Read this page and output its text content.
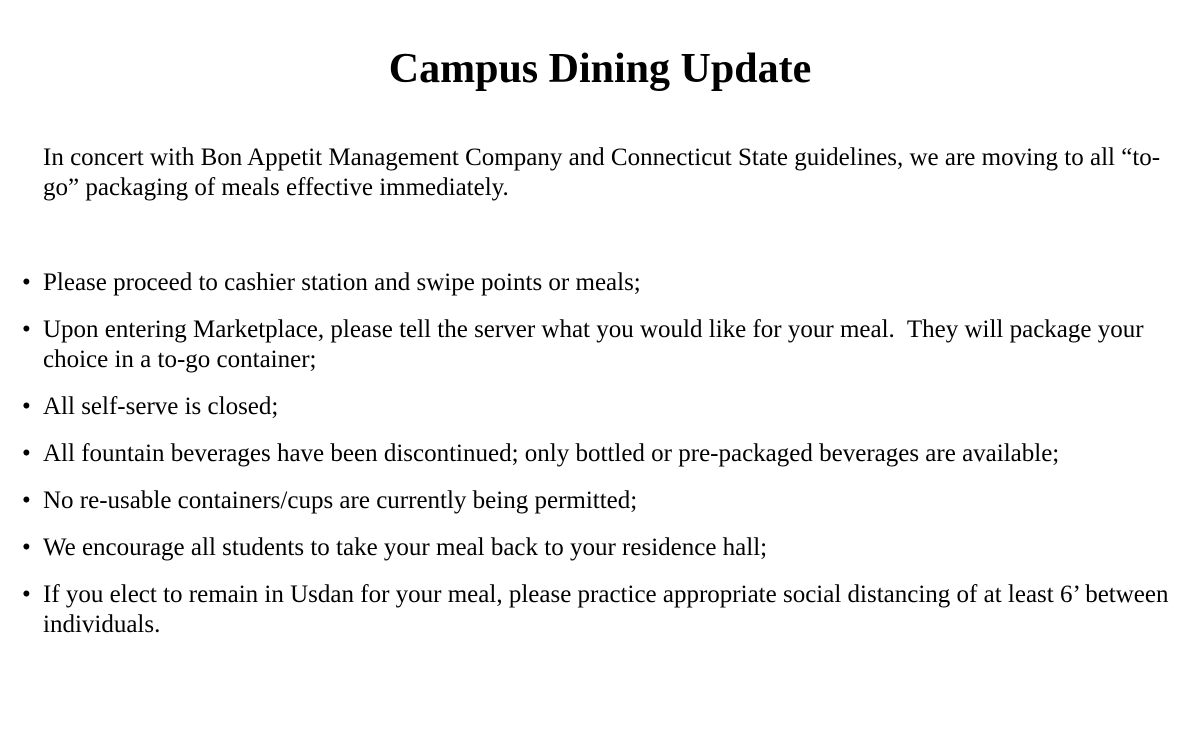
Campus Dining Update

In concert with Bon Appetit Management Company and Connecticut State guidelines, we are moving to all “to-go” packaging of meals effective immediately.

• Please proceed to cashier station and swipe points or meals;
• Upon entering Marketplace, please tell the server what you would like for your meal.  They will package your choice in a to-go container;
• All self-serve is closed;
• All fountain beverages have been discontinued; only bottled or pre-packaged beverages are available;
• No re-usable containers/cups are currently being permitted;
• We encourage all students to take your meal back to your residence hall;
• If you elect to remain in Usdan for your meal, please practice appropriate social distancing of at least 6’ between individuals.
